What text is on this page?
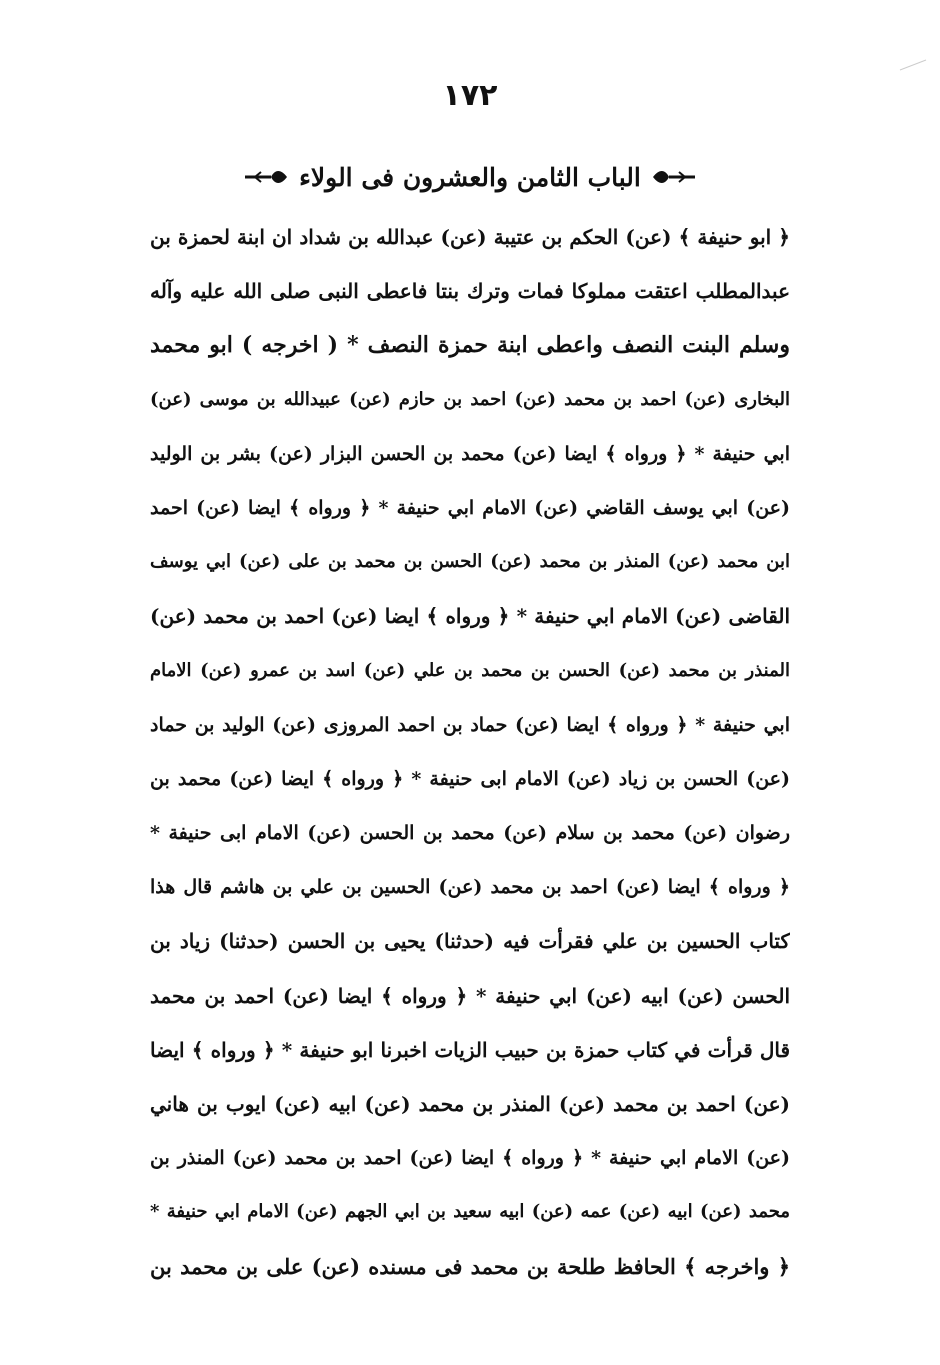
١٧٢
الباب الثامن والعشرون فى الولاء
﴿ ابو حنيفة ﴾ (عن) الحكم بن عتيبة (عن) عبدالله بن شداد ان ابنة لحمزة بن
عبدالمطلب اعتقت مملوكا فمات وترك بنتا فاعطى النبى صلى الله عليه وآله
وسلم البنت النصف واعطى ابنة حمزة النصف * ( اخرجه ) ابو محمد
البخارى (عن) احمد بن محمد (عن) احمد بن حازم (عن) عبيدالله بن موسى (عن)
ابي حنيفة * ﴿ ورواه ﴾ ايضا (عن) محمد بن الحسن البزار (عن) بشر بن الوليد
(عن) ابي يوسف القاضي (عن) الامام ابي حنيفة * ﴿ ورواه ﴾ ايضا (عن) احمد
ابن محمد (عن) المنذر بن محمد (عن) الحسن بن محمد بن على (عن) ابي يوسف
القاضى (عن) الامام ابي حنيفة * ﴿ ورواه ﴾ ايضا (عن) احمد بن محمد (عن)
المنذر بن محمد (عن) الحسن بن محمد بن علي (عن) اسد بن عمرو (عن) الامام
ابي حنيفة * ﴿ ورواه ﴾ ايضا (عن) حماد بن احمد المروزى (عن) الوليد بن حماد
(عن) الحسن بن زياد (عن) الامام ابى حنيفة * ﴿ ورواه ﴾ ايضا (عن) محمد بن
رضوان (عن) محمد بن سلام (عن) محمد بن الحسن (عن) الامام ابى حنيفة *
﴿ ورواه ﴾ ايضا (عن) احمد بن محمد (عن) الحسين بن علي بن هاشم قال هذا
كتاب الحسين بن علي فقرأت فيه (حدثنا) يحيى بن الحسن (حدثنا) زياد بن
الحسن (عن) ابيه (عن) ابي حنيفة * ﴿ ورواه ﴾ ايضا (عن) احمد بن محمد
قال قرأت في كتاب حمزة بن حبيب الزيات اخبرنا ابو حنيفة * ﴿ ورواه ﴾ ايضا
(عن) احمد بن محمد (عن) المنذر بن محمد (عن) ابيه (عن) ايوب بن هاني
(عن) الامام ابي حنيفة * ﴿ ورواه ﴾ ايضا (عن) احمد بن محمد (عن) المنذر بن
محمد (عن) ابيه (عن) عمه (عن) ابيه سعيد بن ابي الجهم (عن) الامام ابي حنيفة *
﴿ واخرجه ﴾ الحافظ طلحة بن محمد فى مسنده (عن) على بن محمد بن
